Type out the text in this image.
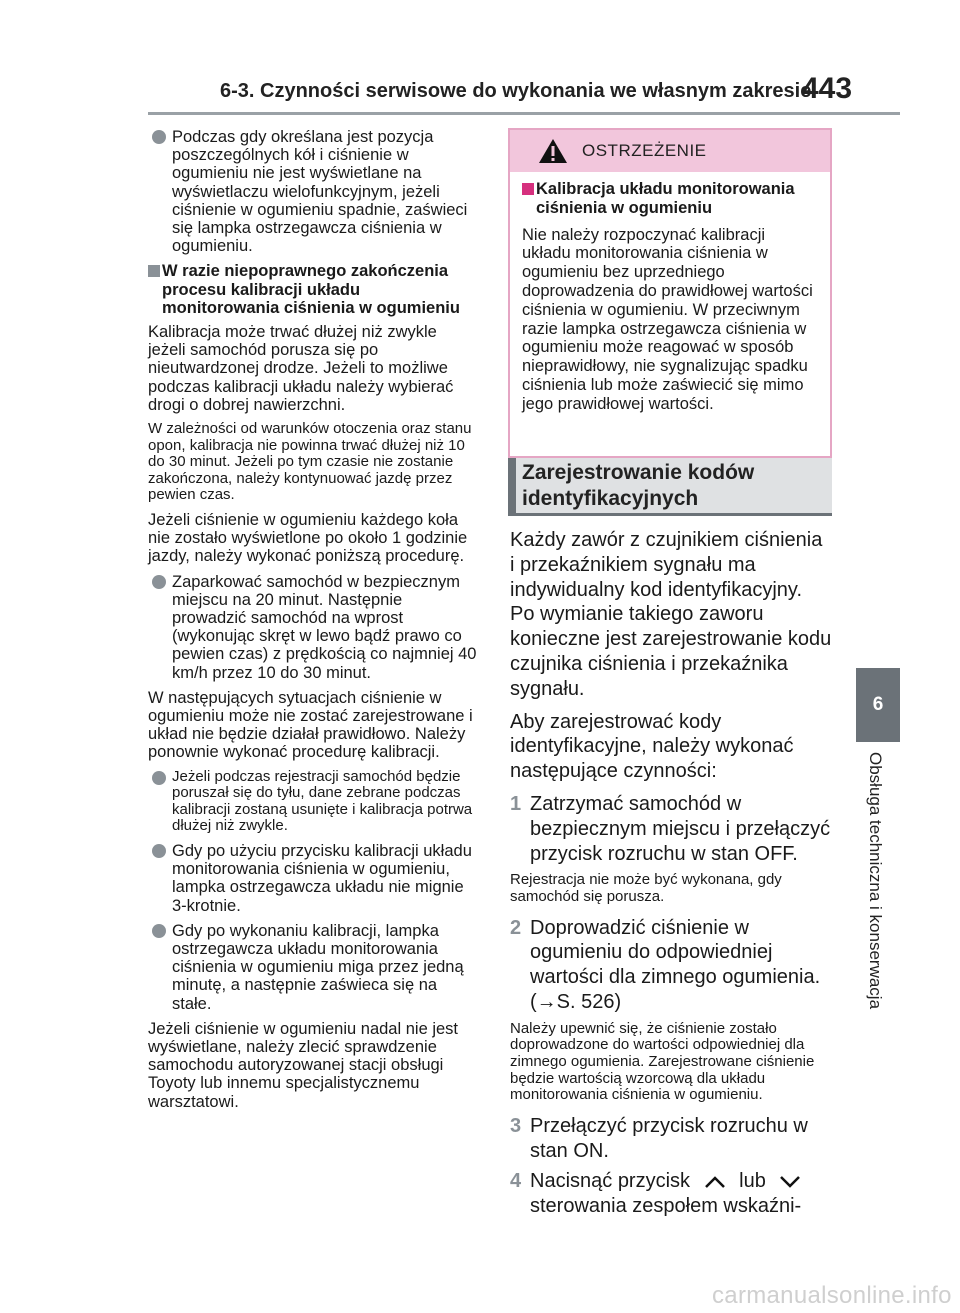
6-3. Czynności serwisowe do wykonania we własnym zakresie
443
6
Obsługa techniczna i konserwacja
Podczas gdy określana jest pozycja poszczególnych kół i ciśnienie w ogumieniu nie jest wyświetlane na wyświetlaczu wielofunkcyjnym, jeżeli ciśnienie w ogumieniu spadnie, zaświeci się lampka ostrzegawcza ciśnienia w ogumieniu.
W razie niepoprawnego zakończenia procesu kalibracji układu monitorowania ciśnienia w ogumieniu

Kalibracja może trwać dłużej niż zwykle jeżeli samochód porusza się po nieutwardzonej drodze. Jeżeli to możliwe podczas kalibracji układu należy wybierać drogi o dobrej nawierzchni.

W zależności od warunków otoczenia oraz stanu opon, kalibracja nie powinna trwać dłużej niż 10 do 30 minut. Jeżeli po tym czasie nie zostanie zakończona, należy kontynuować jazdę przez pewien czas.

Jeżeli ciśnienie w ogumieniu każdego koła nie zostało wyświetlone po około 1 godzinie jazdy, należy wykonać poniższą procedurę.

Zaparkować samochód w bezpiecznym miejscu na 20 minut. Następnie prowadzić samochód na wprost (wykonując skręt w lewo bądź prawo co pewien czas) z prędkością co najmniej 40 km/h przez 10 do 30 minut.

W następujących sytuacjach ciśnienie w ogumieniu może nie zostać zarejestrowane i układ nie będzie działał prawidłowo. Należy ponownie wykonać procedurę kalibracji.

Jeżeli podczas rejestracji samochód będzie poruszał się do tyłu, dane zebrane podczas kalibracji zostaną usunięte i kalibracja potrwa dłużej niż zwykle.
Gdy po użyciu przycisku kalibracji układu monitorowania ciśnienia w ogumieniu, lampka ostrzegawcza układu nie mignie 3-krotnie.
Gdy po wykonaniu kalibracji, lampka ostrzegawcza układu monitorowania ciśnienia w ogumieniu miga przez jedną minutę, a następnie zaświeca się na stałe.

Jeżeli ciśnienie w ogumieniu nadal nie jest wyświetlane, należy zlecić sprawdzenie samochodu autoryzowanej stacji obsługi Toyoty lub innemu specjalistycznemu warsztatowi.

OSTRZEŻENIE
Kalibracja układu monitorowania ciśnienia w ogumieniu

Nie należy rozpoczynać kalibracji układu monitorowania ciśnienia w ogumieniu bez uprzedniego doprowadzenia do prawidłowej wartości ciśnienia w ogumieniu. W przeciwnym razie lampka ostrzegawcza ciśnienia w ogumieniu może reagować w sposób nieprawidłowy, nie sygnalizując spadku ciśnienia lub może zaświecić się mimo jego prawidłowej wartości.

Zarejestrowanie kodów
identyfikacyjnych

Każdy zawór z czujnikiem ciśnienia i przekaźnikiem sygnału ma indywidualny kod identyfikacyjny. Po wymianie takiego zaworu konieczne jest zarejestrowanie kodu czujnika ciśnienia i przekaźnika sygnału.

Aby zarejestrować kody identyfikacyjne, należy wykonać następujące czynności:

1 Zatrzymać samochód w bezpiecznym miejscu i przełączyć przycisk rozruchu w stan OFF.

Rejestracja nie może być wykonana, gdy samochód się porusza.

2 Doprowadzić ciśnienie w ogumieniu do odpowiedniej wartości dla zimnego ogumienia. (→S. 526)

Należy upewnić się, że ciśnienie zostało doprowadzone do wartości odpowiedniej dla zimnego ogumienia. Zarejestrowane ciśnienie będzie wartością wzorcową dla układu monitorowania ciśnienia w ogumieniu.

3 Przełączyć przycisk rozruchu w stan ON.
4 Nacisnąć przycisk lub
sterowania zespołem wskaźni-
carmanualsonline.info
